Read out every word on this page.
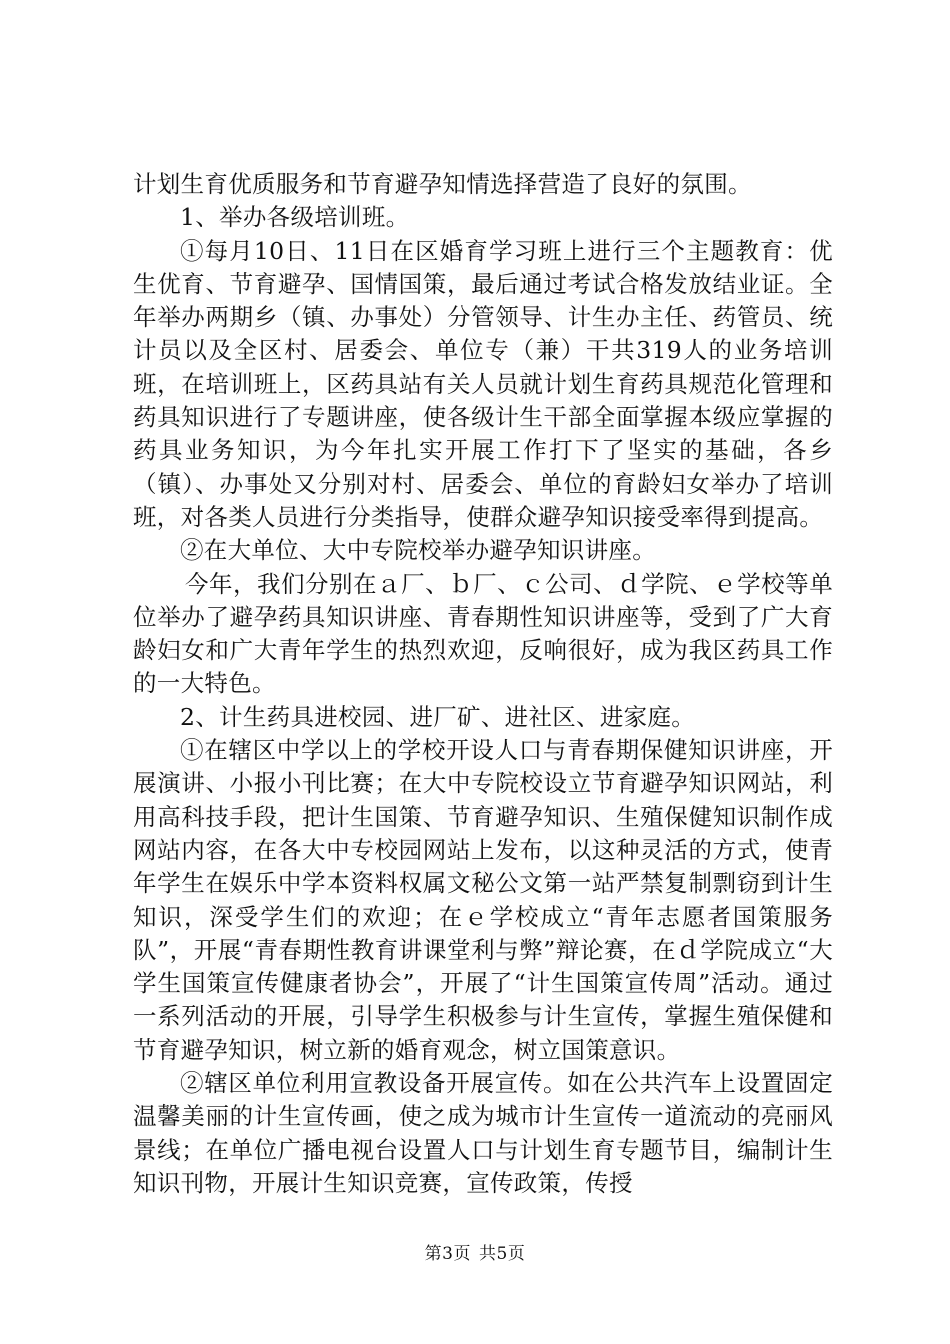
计划生育优质服务和节育避孕知情选择营造了良好的氛围。

1、举办各级培训班。

①每月10日、11日在区婚育学习班上进行三个主题教育：优生优育、节育避孕、国情国策，最后通过考试合格发放结业证。全年举办两期乡（镇、办事处）分管领导、计生办主任、药管员、统计员以及全区村、居委会、单位专（兼）干共319人的业务培训班，在培训班上，区药具站有关人员就计划生育药具规范化管理和药具知识进行了专题讲座，使各级计生干部全面掌握本级应掌握的药具业务知识，为今年扎实开展工作打下了坚实的基础，各乡（镇）、办事处又分别对村、居委会、单位的育龄妇女举办了培训班，对各类人员进行分类指导，使群众避孕知识接受率得到提高。

②在大单位、大中专院校举办避孕知识讲座。

今年，我们分别在ａ厂、ｂ厂、ｃ公司、ｄ学院、ｅ学校等单位举办了避孕药具知识讲座、青春期性知识讲座等，受到了广大育龄妇女和广大青年学生的热烈欢迎，反响很好，成为我区药具工作的一大特色。

2、计生药具进校园、进厂矿、进社区、进家庭。

①在辖区中学以上的学校开设人口与青春期保健知识讲座，开展演讲、小报小刊比赛；在大中专院校设立节育避孕知识网站，利用高科技手段，把计生国策、节育避孕知识、生殖保健知识制作成网站内容，在各大中专校园网站上发布，以这种灵活的方式，使青年学生在娱乐中学本资料权属文秘公文第一站严禁复制剽窃到计生知识，深受学生们的欢迎；在ｅ学校成立“青年志愿者国策服务队”，开展“青春期性教育讲课堂利与弊”辩论赛，在ｄ学院成立“大学生国策宣传健康者协会”，开展了“计生国策宣传周”活动。通过一系列活动的开展，引导学生积极参与计生宣传，掌握生殖保健和节育避孕知识，树立新的婚育观念，树立国策意识。

②辖区单位利用宣教设备开展宣传。如在公共汽车上设置固定温馨美丽的计生宣传画，使之成为城市计生宣传一道流动的亮丽风景线；在单位广播电视台设置人口与计划生育专题节目，编制计生知识刊物，开展计生知识竞赛，宣传政策，传授

第3页 共5页
